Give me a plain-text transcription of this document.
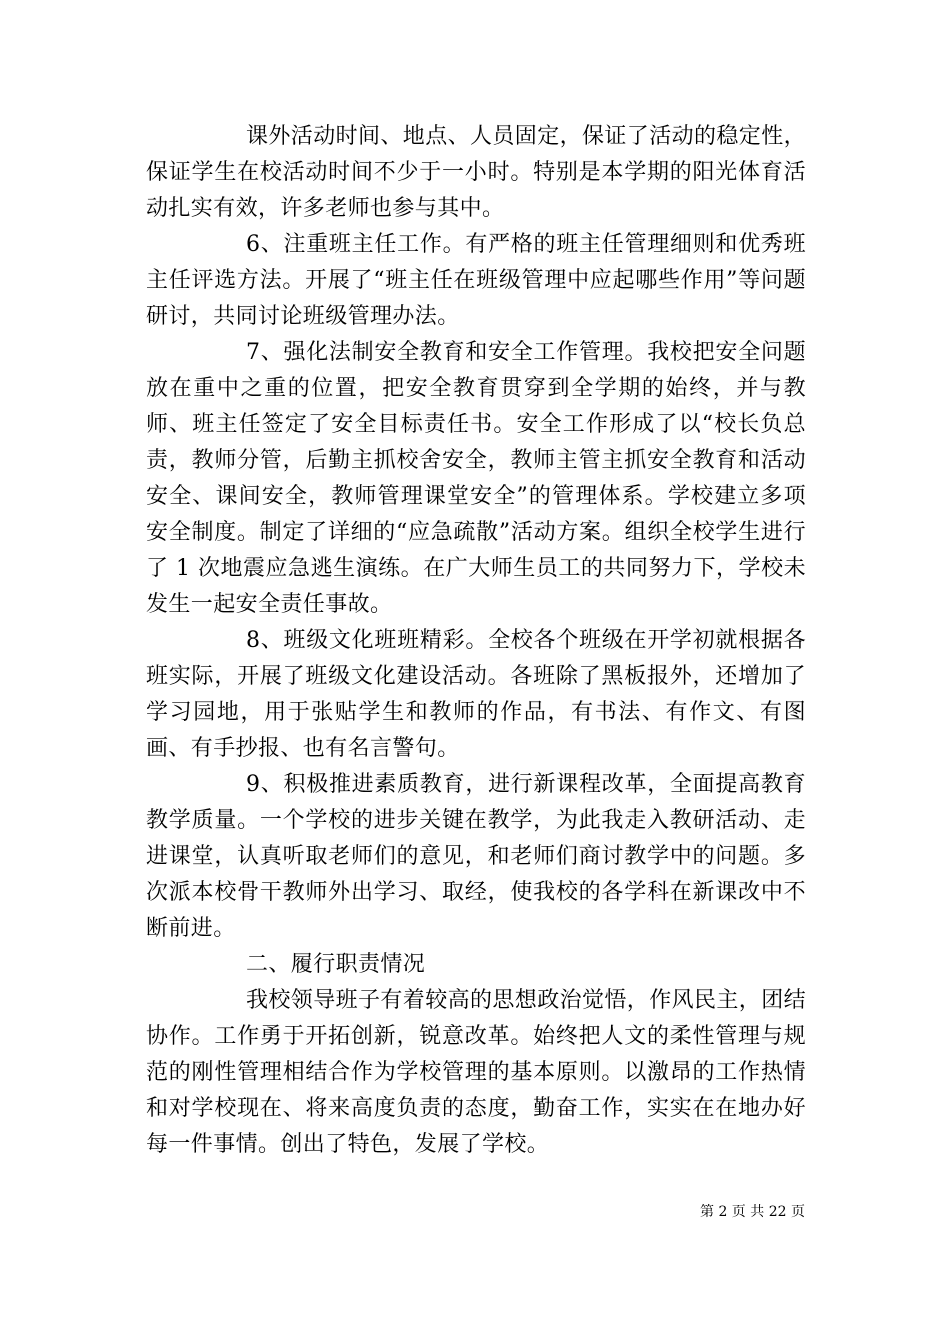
课外活动时间、地点、人员固定，保证了活动的稳定性，保证学生在校活动时间不少于一小时。特别是本学期的阳光体育活动扎实有效，许多老师也参与其中。

6、注重班主任工作。有严格的班主任管理细则和优秀班主任评选方法。开展了“班主任在班级管理中应起哪些作用”等问题研讨，共同讨论班级管理办法。

7、强化法制安全教育和安全工作管理。我校把安全问题放在重中之重的位置，把安全教育贯穿到全学期的始终，并与教师、班主任签定了安全目标责任书。安全工作形成了以“校长负总责，教师分管，后勤主抓校舍安全，教师主管主抓安全教育和活动安全、课间安全，教师管理课堂安全”的管理体系。学校建立多项安全制度。制定了详细的“应急疏散”活动方案。组织全校学生进行了 1 次地震应急逃生演练。在广大师生员工的共同努力下，学校未发生一起安全责任事故。

8、班级文化班班精彩。全校各个班级在开学初就根据各班实际，开展了班级文化建设活动。各班除了黑板报外，还增加了学习园地，用于张贴学生和教师的作品，有书法、有作文、有图画、有手抄报、也有名言警句。

9、积极推进素质教育，进行新课程改革，全面提高教育教学质量。一个学校的进步关键在教学，为此我走入教研活动、走进课堂，认真听取老师们的意见，和老师们商讨教学中的问题。多次派本校骨干教师外出学习、取经，使我校的各学科在新课改中不断前进。

二、履行职责情况

我校领导班子有着较高的思想政治觉悟，作风民主，团结协作。工作勇于开拓创新，锐意改革。始终把人文的柔性管理与规范的刚性管理相结合作为学校管理的基本原则。以激昂的工作热情和对学校现在、将来高度负责的态度，勤奋工作，实实在在地办好每一件事情。创出了特色，发展了学校。

第 2 页 共 22 页
